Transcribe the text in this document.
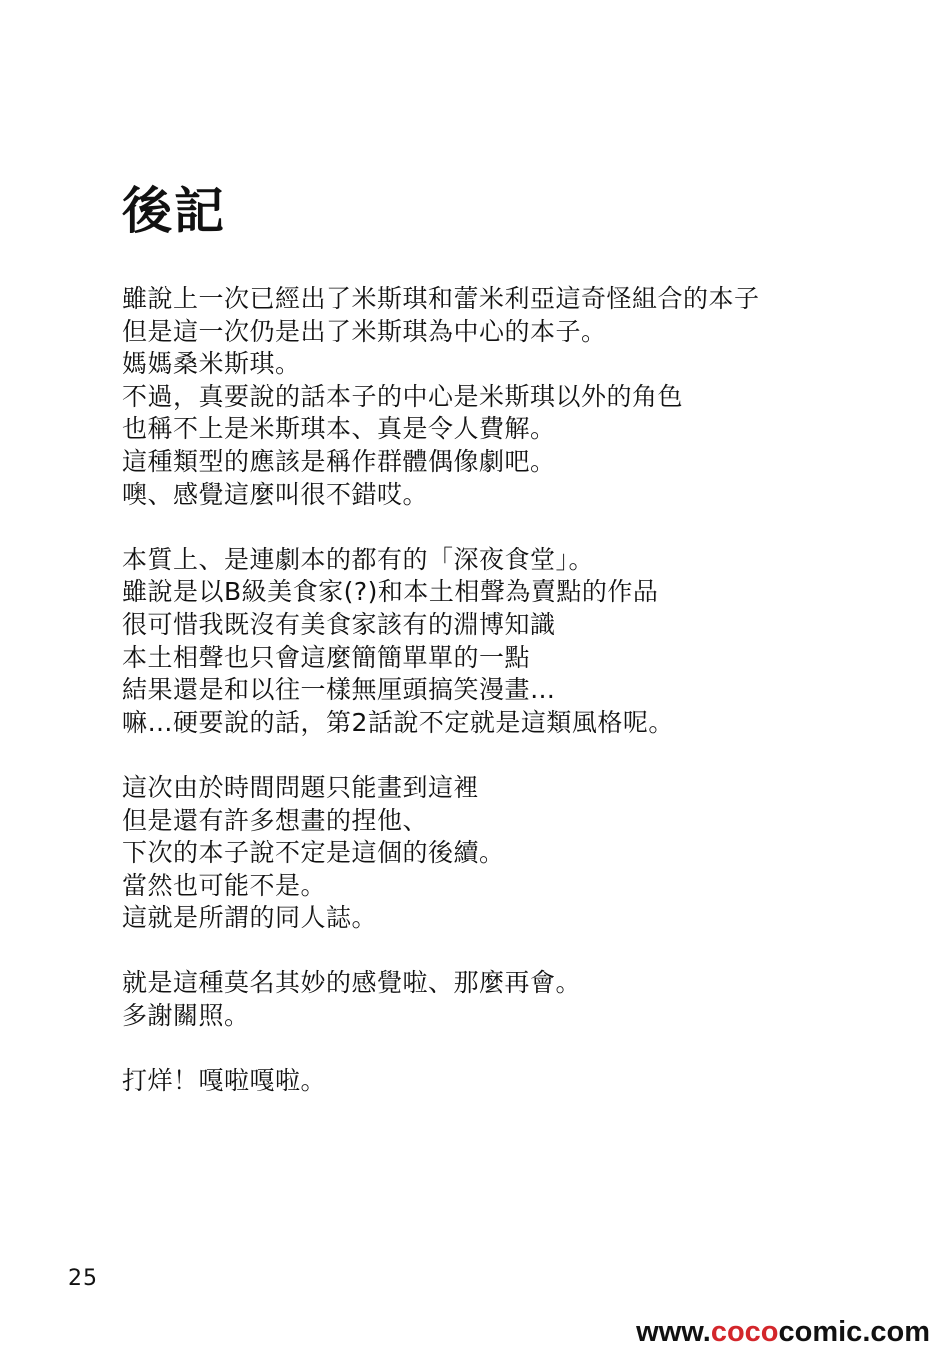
後記
雖說上一次已經出了米斯琪和蕾米利亞這奇怪組合的本子
但是這一次仍是出了米斯琪為中心的本子。
媽媽桑米斯琪。
不過，真要說的話本子的中心是米斯琪以外的角色
也稱不上是米斯琪本、真是令人費解。
這種類型的應該是稱作群體偶像劇吧。
噢、感覺這麼叫很不錯哎。
本質上、是連劇本的都有的「深夜食堂」。
雖說是以B級美食家(?)和本土相聲為賣點的作品
很可惜我既沒有美食家該有的淵博知識
本土相聲也只會這麼簡簡單單的一點
結果還是和以往一樣無厘頭搞笑漫畫…
嘛…硬要說的話，第2話說不定就是這類風格呢。
這次由於時間問題只能畫到這裡
但是還有許多想畫的捏他、
下次的本子說不定是這個的後續。
當然也可能不是。
這就是所謂的同人誌。
就是這種莫名其妙的感覺啦、那麼再會。
多謝關照。
打烊！嘎啦嘎啦。
25
www.cococomic.com
